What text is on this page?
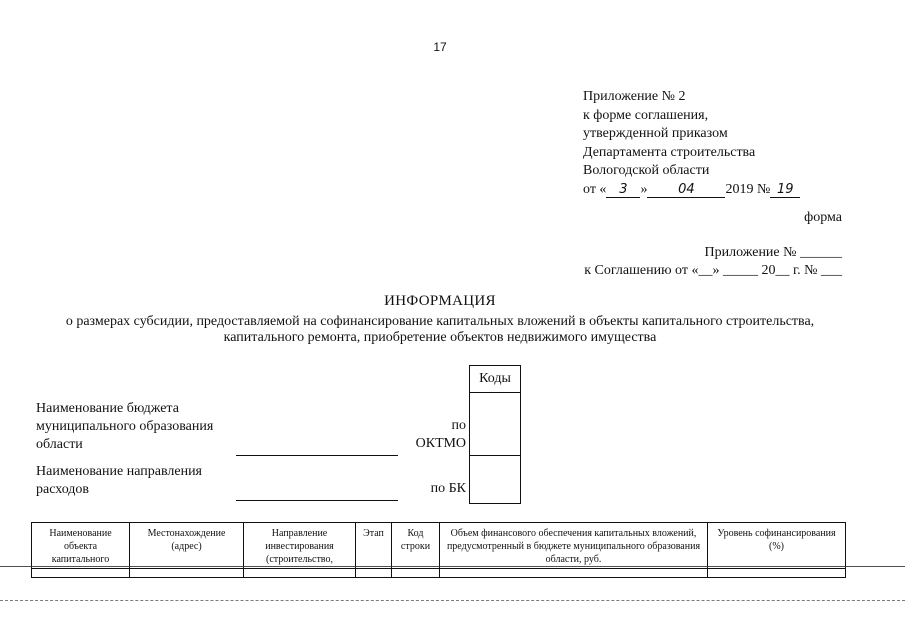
17
Приложение № 2
к форме соглашения,
утвержденной приказом
Департамента строительства
Вологодской области
от « 3 » 04 2019 № 19
форма
Приложение № ______
к Соглашению от «__» _____ 20__ г. № ___
ИНФОРМАЦИЯ
о размерах субсидии, предоставляемой на софинансирование капитальных вложений в объекты капитального строительства, капитального ремонта, приобретение объектов недвижимого имущества
Наименование бюджета
муниципального образования
области
по
ОКТМО
Наименование направления
расходов	по БК
Коды
Наименование объекта капитального	Местонахождение (адрес)	Направление инвестирования (строительство,	Этап	Код строки	Объем финансового обеспечения капитальных вложений, предусмотренный в бюджете муниципального образования области, руб.	Уровень софинансирования (%)
